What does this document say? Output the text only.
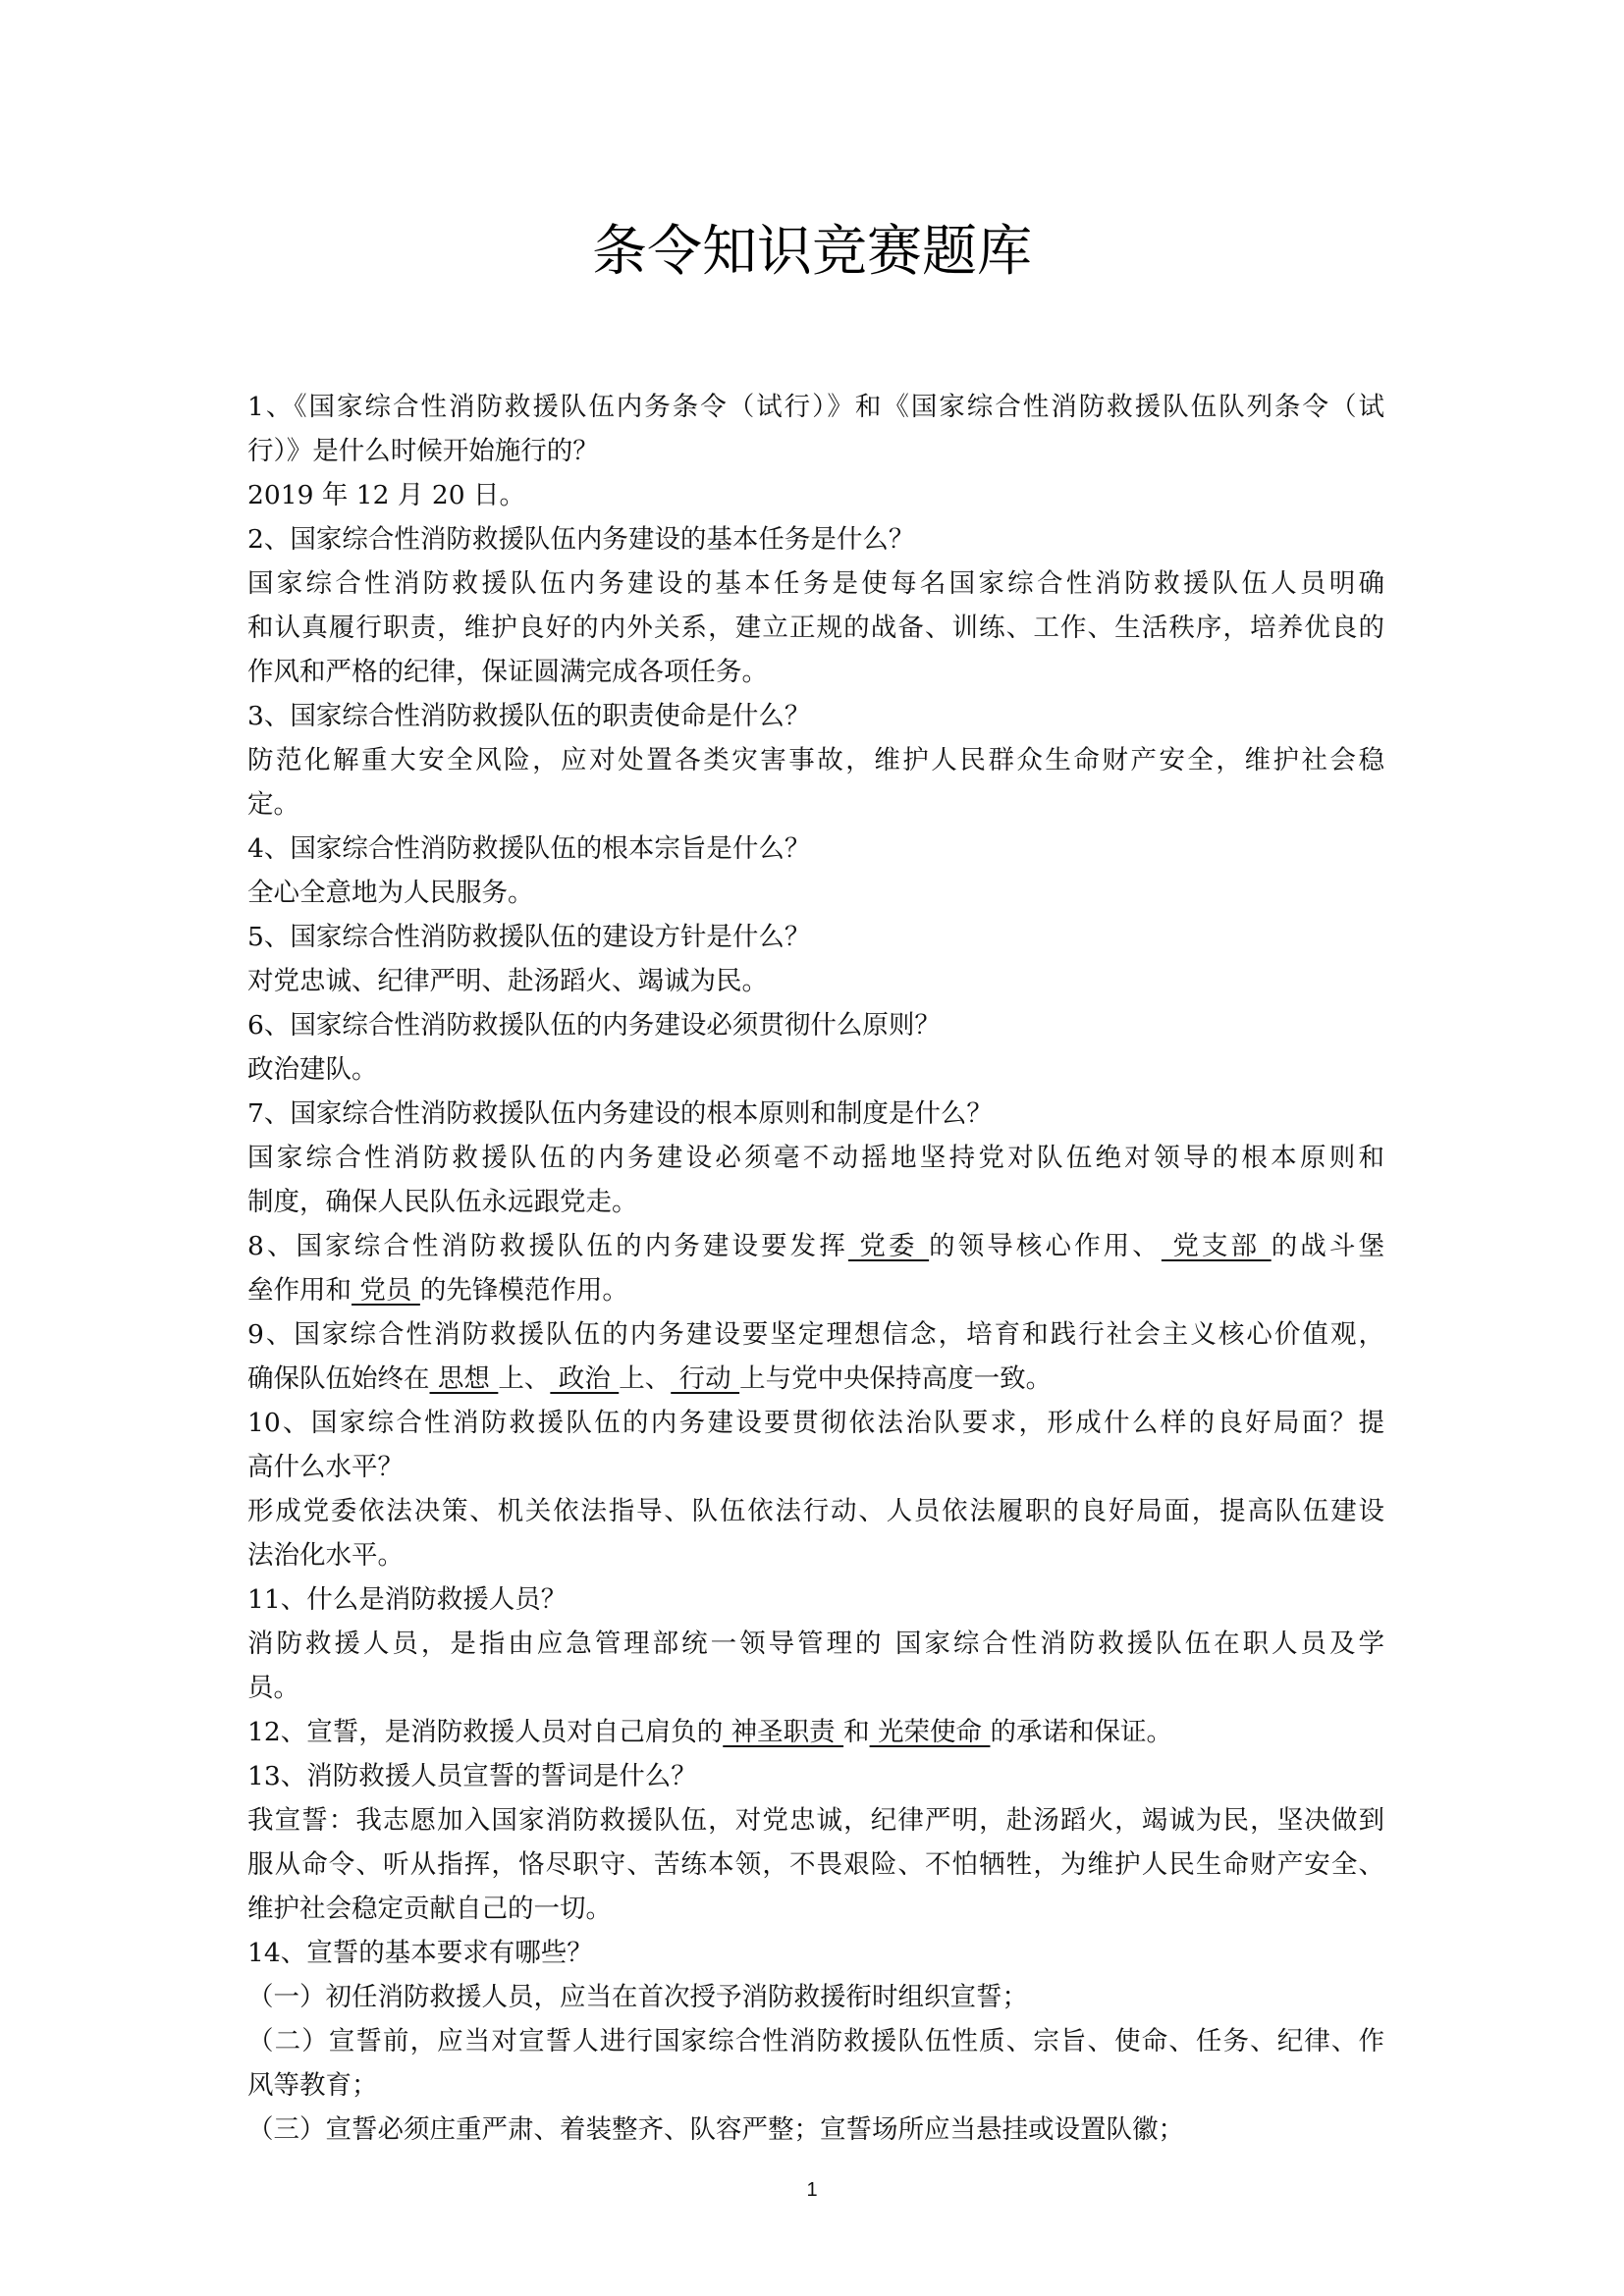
条令知识竞赛题库
1、《国家综合性消防救援队伍内务条令（试行）》和《国家综合性消防救援队伍队列条令（试
行）》是什么时候开始施行的？
2019 年 12 月 20 日。
2、国家综合性消防救援队伍内务建设的基本任务是什么？
国家综合性消防救援队伍内务建设的基本任务是使每名国家综合性消防救援队伍人员明确
和认真履行职责，维护良好的内外关系，建立正规的战备、训练、工作、生活秩序，培养优良的
作风和严格的纪律，保证圆满完成各项任务。
3、国家综合性消防救援队伍的职责使命是什么？
防范化解重大安全风险，应对处置各类灾害事故，维护人民群众生命财产安全，维护社会稳
定。
4、国家综合性消防救援队伍的根本宗旨是什么？
全心全意地为人民服务。
5、国家综合性消防救援队伍的建设方针是什么？
对党忠诚、纪律严明、赴汤蹈火、竭诚为民。
6、国家综合性消防救援队伍的内务建设必须贯彻什么原则？
政治建队。
7、国家综合性消防救援队伍内务建设的根本原则和制度是什么？
国家综合性消防救援队伍的内务建设必须毫不动摇地坚持党对队伍绝对领导的根本原则和
制度，确保人民队伍永远跟党走。
8、国家综合性消防救援队伍的内务建设要发挥 党委 的领导核心作用、 党支部 的战斗堡
垒作用和 党员 的先锋模范作用。
9、国家综合性消防救援队伍的内务建设要坚定理想信念，培育和践行社会主义核心价值观，
确保队伍始终在 思想 上、 政治 上、 行动 上与党中央保持高度一致。
10、国家综合性消防救援队伍的内务建设要贯彻依法治队要求，形成什么样的良好局面？提
高什么水平？
形成党委依法决策、机关依法指导、队伍依法行动、人员依法履职的良好局面，提高队伍建设
法治化水平。
11、什么是消防救援人员？
消防救援人员，是指由应急管理部统一领导管理的 国家综合性消防救援队伍在职人员及学
员。
12、宣誓，是消防救援人员对自己肩负的 神圣职责 和 光荣使命 的承诺和保证。
13、消防救援人员宣誓的誓词是什么？
我宣誓：我志愿加入国家消防救援队伍，对党忠诚，纪律严明，赴汤蹈火，竭诚为民，坚决做到
服从命令、听从指挥，恪尽职守、苦练本领，不畏艰险、不怕牺牲，为维护人民生命财产安全、
维护社会稳定贡献自己的一切。
14、宣誓的基本要求有哪些？
（一）初任消防救援人员，应当在首次授予消防救援衔时组织宣誓；
（二）宣誓前，应当对宣誓人进行国家综合性消防救援队伍性质、宗旨、使命、任务、纪律、作
风等教育；
（三）宣誓必须庄重严肃、着装整齐、队容严整；宣誓场所应当悬挂或设置队徽；
1
